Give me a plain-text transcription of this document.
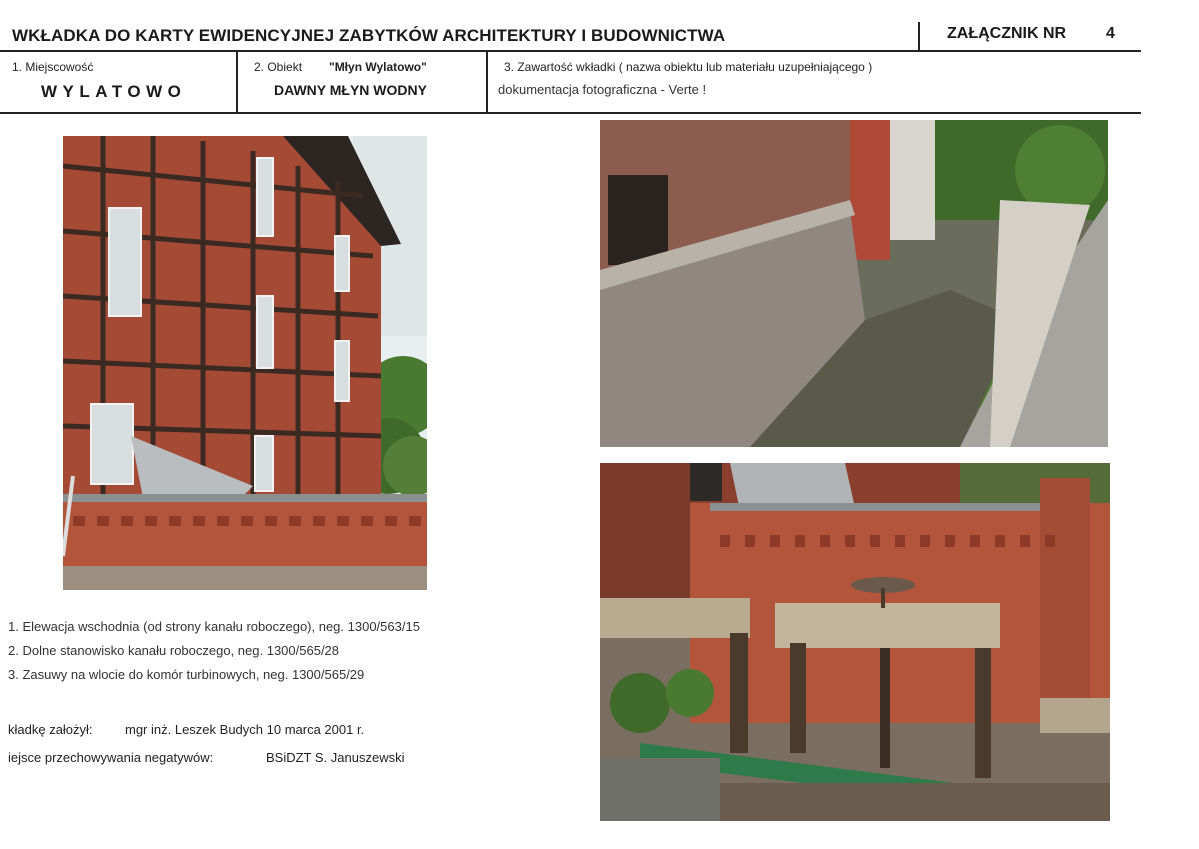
WKŁADKA DO KARTY EWIDENCYJNEJ ZABYTKÓW ARCHITEKTURY I BUDOWNICTWA	ZAŁĄCZNIK NR 4
1. Miejscowość
WYLATOWO
2. Obiekt "Młyn Wylatowo"
DAWNY MŁYN WODNY
3. Zawartość wkładki ( nazwa obiektu lub materiału uzupełniającego )
dokumentacja fotograficzna - Verte !
1. Elewacja wschodnia (od strony kanału roboczego), neg. 1300/563/15
2. Dolne stanowisko kanału roboczego, neg. 1300/565/28
3. Zasuwy na wlocie do komór turbinowych, neg. 1300/565/29
kładkę założył: mgr inż. Leszek Budych 10 marca 2001 r.
iejsce przechowywania negatywów:	BSiDZT S. Januszewski
